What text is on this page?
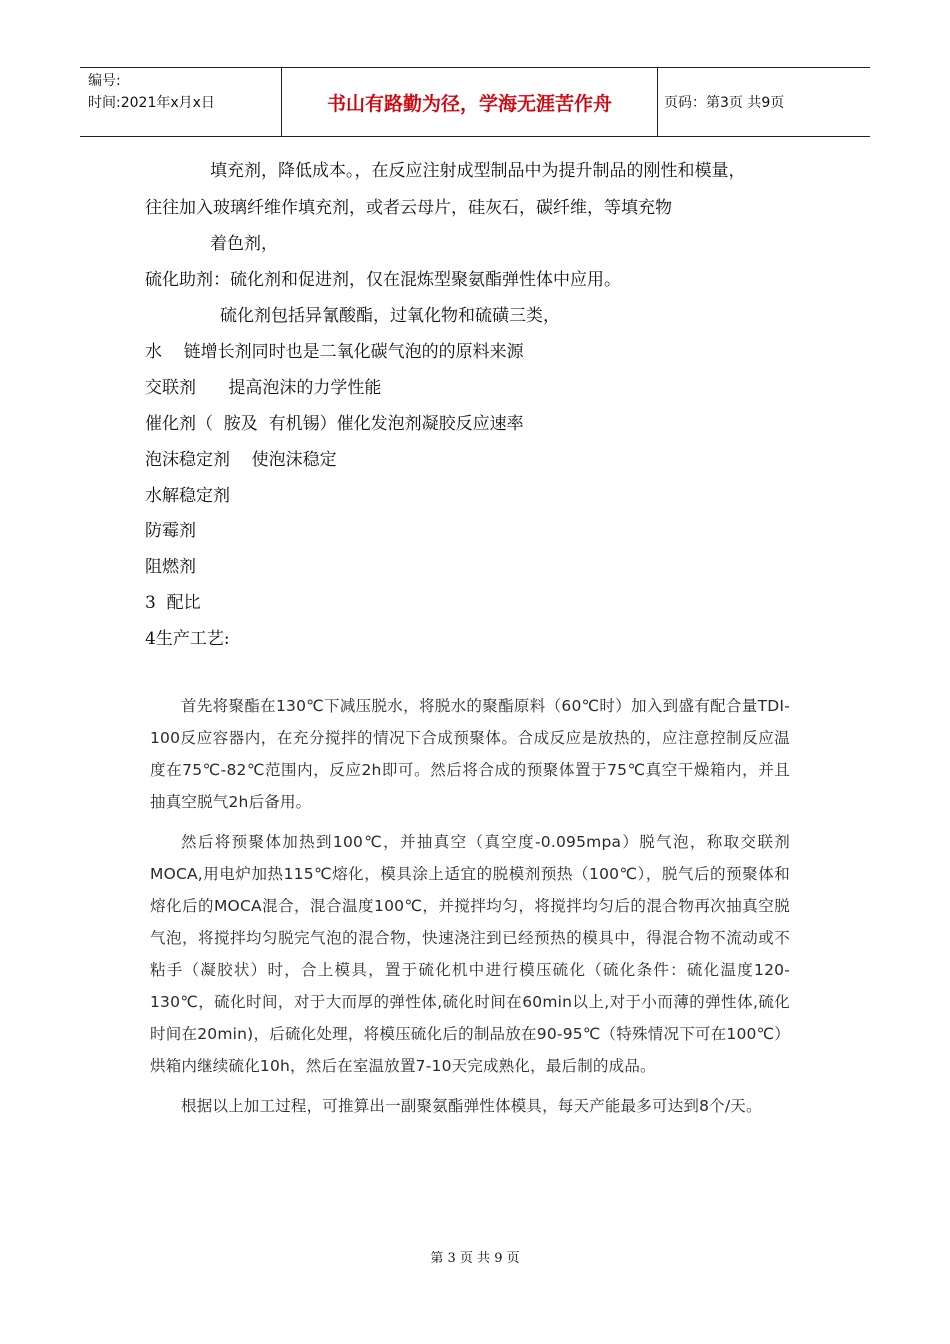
编号:
时间:2021年x月x日	书山有路勤为径，学海无涯苦作舟	页码：第3页 共9页
填充剂，降低成本。，在反应注射成型制品中为提升制品的刚性和模量，
往往加入玻璃纤维作填充剂，或者云母片，硅灰石，碳纤维，等填充物
着色剂，
硫化助剂：硫化剂和促进剂，仅在混炼型聚氨酯弹性体中应用。
硫化剂包括异氰酸酯，过氧化物和硫磺三类，
水    链增长剂同时也是二氧化碳气泡的的原料来源
交联剂      提高泡沫的力学性能
催化剂（  胺及  有机锡）催化发泡剂凝胶反应速率
泡沫稳定剂    使泡沫稳定
水解稳定剂
防霉剂
阻燃剂
3  配比
4生产工艺:

首先将聚酯在130℃下减压脱水，将脱水的聚酯原料（60℃时）加入到盛有配合量TDI-100反应容器内，在充分搅拌的情况下合成预聚体。合成反应是放热的，应注意控制反应温度在75℃-82℃范围内，反应2h即可。然后将合成的预聚体置于75℃真空干燥箱内，并且抽真空脱气2h后备用。

然后将预聚体加热到100℃，并抽真空（真空度-0.095mpa）脱气泡，称取交联剂MOCA,用电炉加热115℃熔化，模具涂上适宜的脱模剂预热（100℃），脱气后的预聚体和熔化后的MOCA混合，混合温度100℃，并搅拌均匀，将搅拌均匀后的混合物再次抽真空脱气泡，将搅拌均匀脱完气泡的混合物，快速浇注到已经预热的模具中，得混合物不流动或不粘手（凝胶状）时，合上模具，置于硫化机中进行模压硫化（硫化条件：硫化温度120-130℃，硫化时间，对于大而厚的弹性体,硫化时间在60min以上,对于小而薄的弹性体,硫化时间在20min)，后硫化处理，将模压硫化后的制品放在90-95℃（特殊情况下可在100℃）烘箱内继续硫化10h，然后在室温放置7-10天完成熟化，最后制的成品。

根据以上加工过程，可推算出一副聚氨酯弹性体模具，每天产能最多可达到8个/天。

第 3 页 共 9 页
